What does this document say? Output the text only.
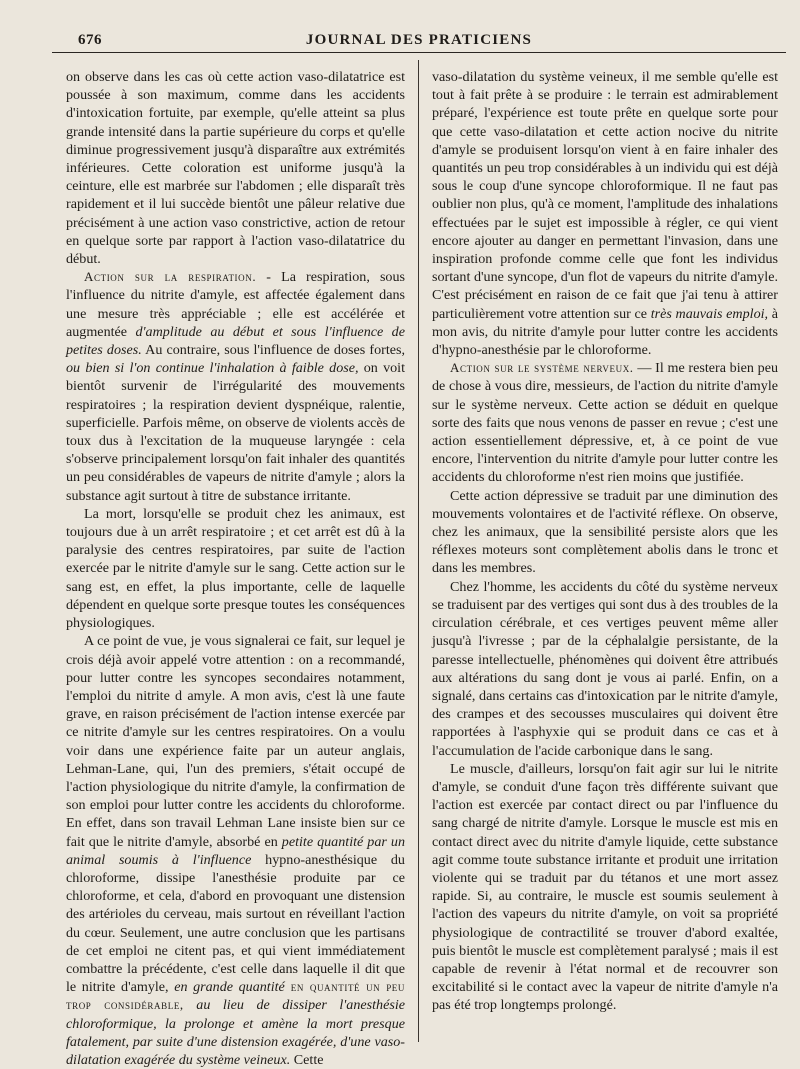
676	JOURNAL DES PRATICIENS

on observe dans les cas où cette action vaso-dilatatrice est poussée à son maximum, comme dans les accidents d'intoxication fortuite, par exemple, qu'elle atteint sa plus grande intensité dans la partie supérieure du corps et qu'elle diminue progressivement jusqu'à disparaître aux extrémités inférieures. Cette coloration est uniforme jusqu'à la ceinture, elle est marbrée sur l'abdomen ; elle disparaît très rapidement et il lui succède bientôt une pâleur relative due précisément à une action vaso constrictive, action de retour en quelque sorte par rapport à l'action vaso-dilatatrice du début.

Action sur la respiration. - La respiration, sous l'influence du nitrite d'amyle, est affectée également dans une mesure très appréciable ; elle est accélérée et augmentée d'amplitude au début et sous l'influence de petites doses. Au contraire, sous l'influence de doses fortes, ou bien si l'on continue l'inhalation à faible dose, on voit bientôt survenir de l'irrégularité des mouvements respiratoires ; la respiration devient dyspnéique, ralentie, superficielle. Parfois même, on observe de violents accès de toux dus à l'excitation de la muqueuse laryngée : cela s'observe principalement lorsqu'on fait inhaler des quantités un peu considérables de vapeurs de nitrite d'amyle ; alors la substance agit surtout à titre de substance irritante.

La mort, lorsqu'elle se produit chez les animaux, est toujours due à un arrêt respiratoire ; et cet arrêt est dû à la paralysie des centres respiratoires, par suite de l'action exercée par le nitrite d'amyle sur le sang. Cette action sur le sang est, en effet, la plus importante, celle de laquelle dépendent en quelque sorte presque toutes les conséquences physiologiques.

A ce point de vue, je vous signalerai ce fait, sur lequel je crois déjà avoir appelé votre attention : on a recommandé, pour lutter contre les syncopes secondaires notamment, l'emploi du nitrite d amyle. A mon avis, c'est là une faute grave, en raison précisément de l'action intense exercée par ce nitrite d'amyle sur les centres respiratoires. On a voulu voir dans une expérience faite par un auteur anglais, Lehman-Lane, qui, l'un des premiers, s'était occupé de l'action physiologique du nitrite d'amyle, la confirmation de son emploi pour lutter contre les accidents du chloroforme. En effet, dans son travail Lehman Lane insiste bien sur ce fait que le nitrite d'amyle, absorbé en petite quantité par un animal soumis à l'influence hypno-anesthésique du chloroforme, dissipe l'anesthésie produite par ce chloroforme, et cela, d'abord en provoquant une distension des artérioles du cerveau, mais surtout en réveillant l'action du cœur. Seulement, une autre conclusion que les partisans de cet emploi ne citent pas, et qui vient immédiatement combattre la précédente, c'est celle dans laquelle il dit que le nitrite d'amyle, en grande quantité en quantité un peu trop considérable, au lieu de dissiper l'anesthésie chloroformique, la prolonge et amène la mort presque fatalement, par suite d'une distension exagérée, d'une vaso-dilatation exagérée du système veineux. Cette

vaso-dilatation du système veineux, il me semble qu'elle est tout à fait prête à se produire : le terrain est admirablement préparé, l'expérience est toute prête en quelque sorte pour que cette vaso-dilatation et cette action nocive du nitrite d'amyle se produisent lorsqu'on vient à en faire inhaler des quantités un peu trop considérables à un individu qui est déjà sous le coup d'une syncope chloroformique. Il ne faut pas oublier non plus, qu'à ce moment, l'amplitude des inhalations effectuées par le sujet est impossible à régler, ce qui vient encore ajouter au danger en permettant l'invasion, dans une inspiration profonde comme celle que font les individus sortant d'une syncope, d'un flot de vapeurs du nitrite d'amyle. C'est précisément en raison de ce fait que j'ai tenu à attirer particulièrement votre attention sur ce très mauvais emploi, à mon avis, du nitrite d'amyle pour lutter contre les accidents d'hypno-anesthésie par le chloroforme.

Action sur le système nerveux. — Il me restera bien peu de chose à vous dire, messieurs, de l'action du nitrite d'amyle sur le système nerveux. Cette action se déduit en quelque sorte des faits que nous venons de passer en revue ; c'est une action essentiellement dépressive, et, à ce point de vue encore, l'intervention du nitrite d'amyle pour lutter contre les accidents du chloroforme n'est rien moins que justifiée.

Cette action dépressive se traduit par une diminution des mouvements volontaires et de l'activité réflexe. On observe, chez les animaux, que la sensibilité persiste alors que les réflexes moteurs sont complètement abolis dans le tronc et dans les membres.

Chez l'homme, les accidents du côté du système nerveux se traduisent par des vertiges qui sont dus à des troubles de la circulation cérébrale, et ces vertiges peuvent même aller jusqu'à l'ivresse ; par de la céphalalgie persistante, de la paresse intellectuelle, phénomènes qui doivent être attribués aux altérations du sang dont je vous ai parlé. Enfin, on a signalé, dans certains cas d'intoxication par le nitrite d'amyle, des crampes et des secousses musculaires qui doivent être rapportées à l'asphyxie qui se produit dans ce cas et à l'accumulation de l'acide carbonique dans le sang.

Le muscle, d'ailleurs, lorsqu'on fait agir sur lui le nitrite d'amyle, se conduit d'une façon très différente suivant que l'action est exercée par contact direct ou par l'influence du sang chargé de nitrite d'amyle. Lorsque le muscle est mis en contact direct avec du nitrite d'amyle liquide, cette substance agit comme toute substance irritante et produit une irritation violente qui se traduit par du tétanos et une mort assez rapide. Si, au contraire, le muscle est soumis seulement à l'action des vapeurs du nitrite d'amyle, on voit sa propriété physiologique de contractilité se trouver d'abord exaltée, puis bientôt le muscle est complètement paralysé ; mais il est capable de revenir à l'état normal et de recouvrer son excitabilité si le contact avec la vapeur de nitrite d'amyle n'a pas été trop longtemps prolongé.
